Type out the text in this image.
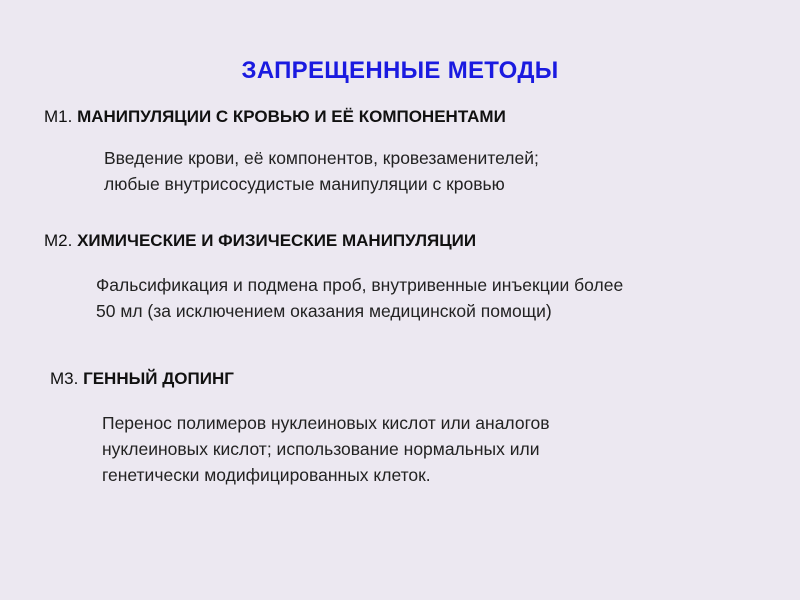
ЗАПРЕЩЕННЫЕ МЕТОДЫ
М1. МАНИПУЛЯЦИИ С КРОВЬЮ И ЕЁ КОМПОНЕНТАМИ
Введение крови, её компонентов, кровезаменителей;
любые внутрисосудистые манипуляции с кровью
М2. ХИМИЧЕСКИЕ И ФИЗИЧЕСКИЕ МАНИПУЛЯЦИИ
Фальсификация и подмена проб, внутривенные инъекции более
50 мл (за исключением оказания медицинской помощи)
М3. ГЕННЫЙ ДОПИНГ
Перенос полимеров нуклеиновых кислот или аналогов
нуклеиновых кислот; использование нормальных или
генетически модифицированных клеток.
